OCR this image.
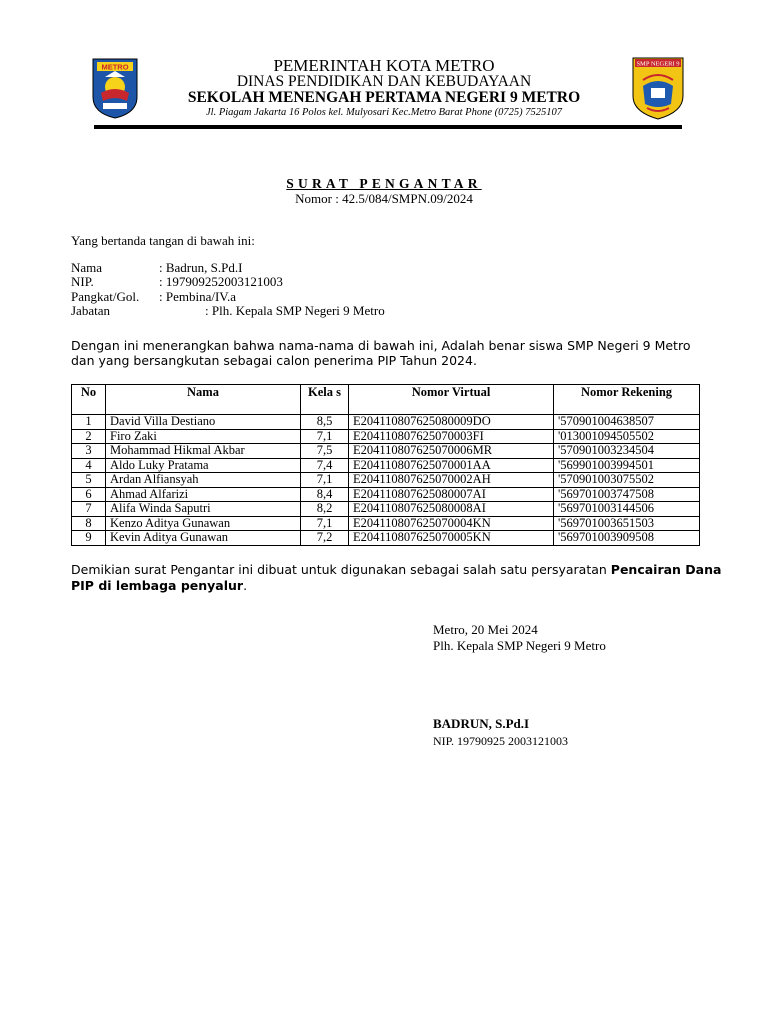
METRO	SMP NEGERI 9
PEMERINTAH KOTA METRO
DINAS PENDIDIKAN DAN KEBUDAYAAN
SEKOLAH MENENGAH PERTAMA NEGERI 9 METRO
Jl. Piagam Jakarta 16 Polos kel. Mulyosari Kec.Metro Barat Phone (0725) 7525107
SURAT PENGANTAR
Nomor : 42.5/084/SMPN.09/2024
Yang bertanda tangan di bawah ini:
Nama	: Badrun, S.Pd.I
NIP.	: 197909252003121003
Pangkat/Gol. : Pembina/IV.a
Jabatan	: Plh. Kepala SMP Negeri 9 Metro
Dengan ini menerangkan bahwa nama-nama di bawah ini, Adalah benar siswa SMP Negeri 9 Metro dan yang bersangkutan sebagai calon penerima PIP Tahun 2024.
No	Nama	Kela s	Nomor Virtual	Nomor Rekening
1	David Villa Destiano	8,5	E204110807625080009DO	'570901004638507
2	Firo Zaki	7,1	E204110807625070003FI	'013001094505502
3	Mohammad Hikmal Akbar	7,5	E204110807625070006MR	'570901003234504
4	Aldo Luky Pratama	7,4	E204110807625070001AA	'569901003994501
5	Ardan Alfiansyah	7,1	E204110807625070002AH	'570901003075502
6	Ahmad Alfarizi	8,4	E204110807625080007AI	'569701003747508
7	Alifa Winda Saputri	8,2	E204110807625080008AI	'569701003144506
8	Kenzo Aditya Gunawan	7,1	E204110807625070004KN	'569701003651503
9	Kevin Aditya Gunawan	7,2	E204110807625070005KN	'569701003909508
Demikian surat Pengantar ini dibuat untuk digunakan sebagai salah satu persyaratan Pencairan Dana PIP di lembaga penyalur.
Metro, 20 Mei 2024
Plh. Kepala SMP Negeri 9 Metro
BADRUN, S.Pd.I
NIP. 19790925 2003121003
